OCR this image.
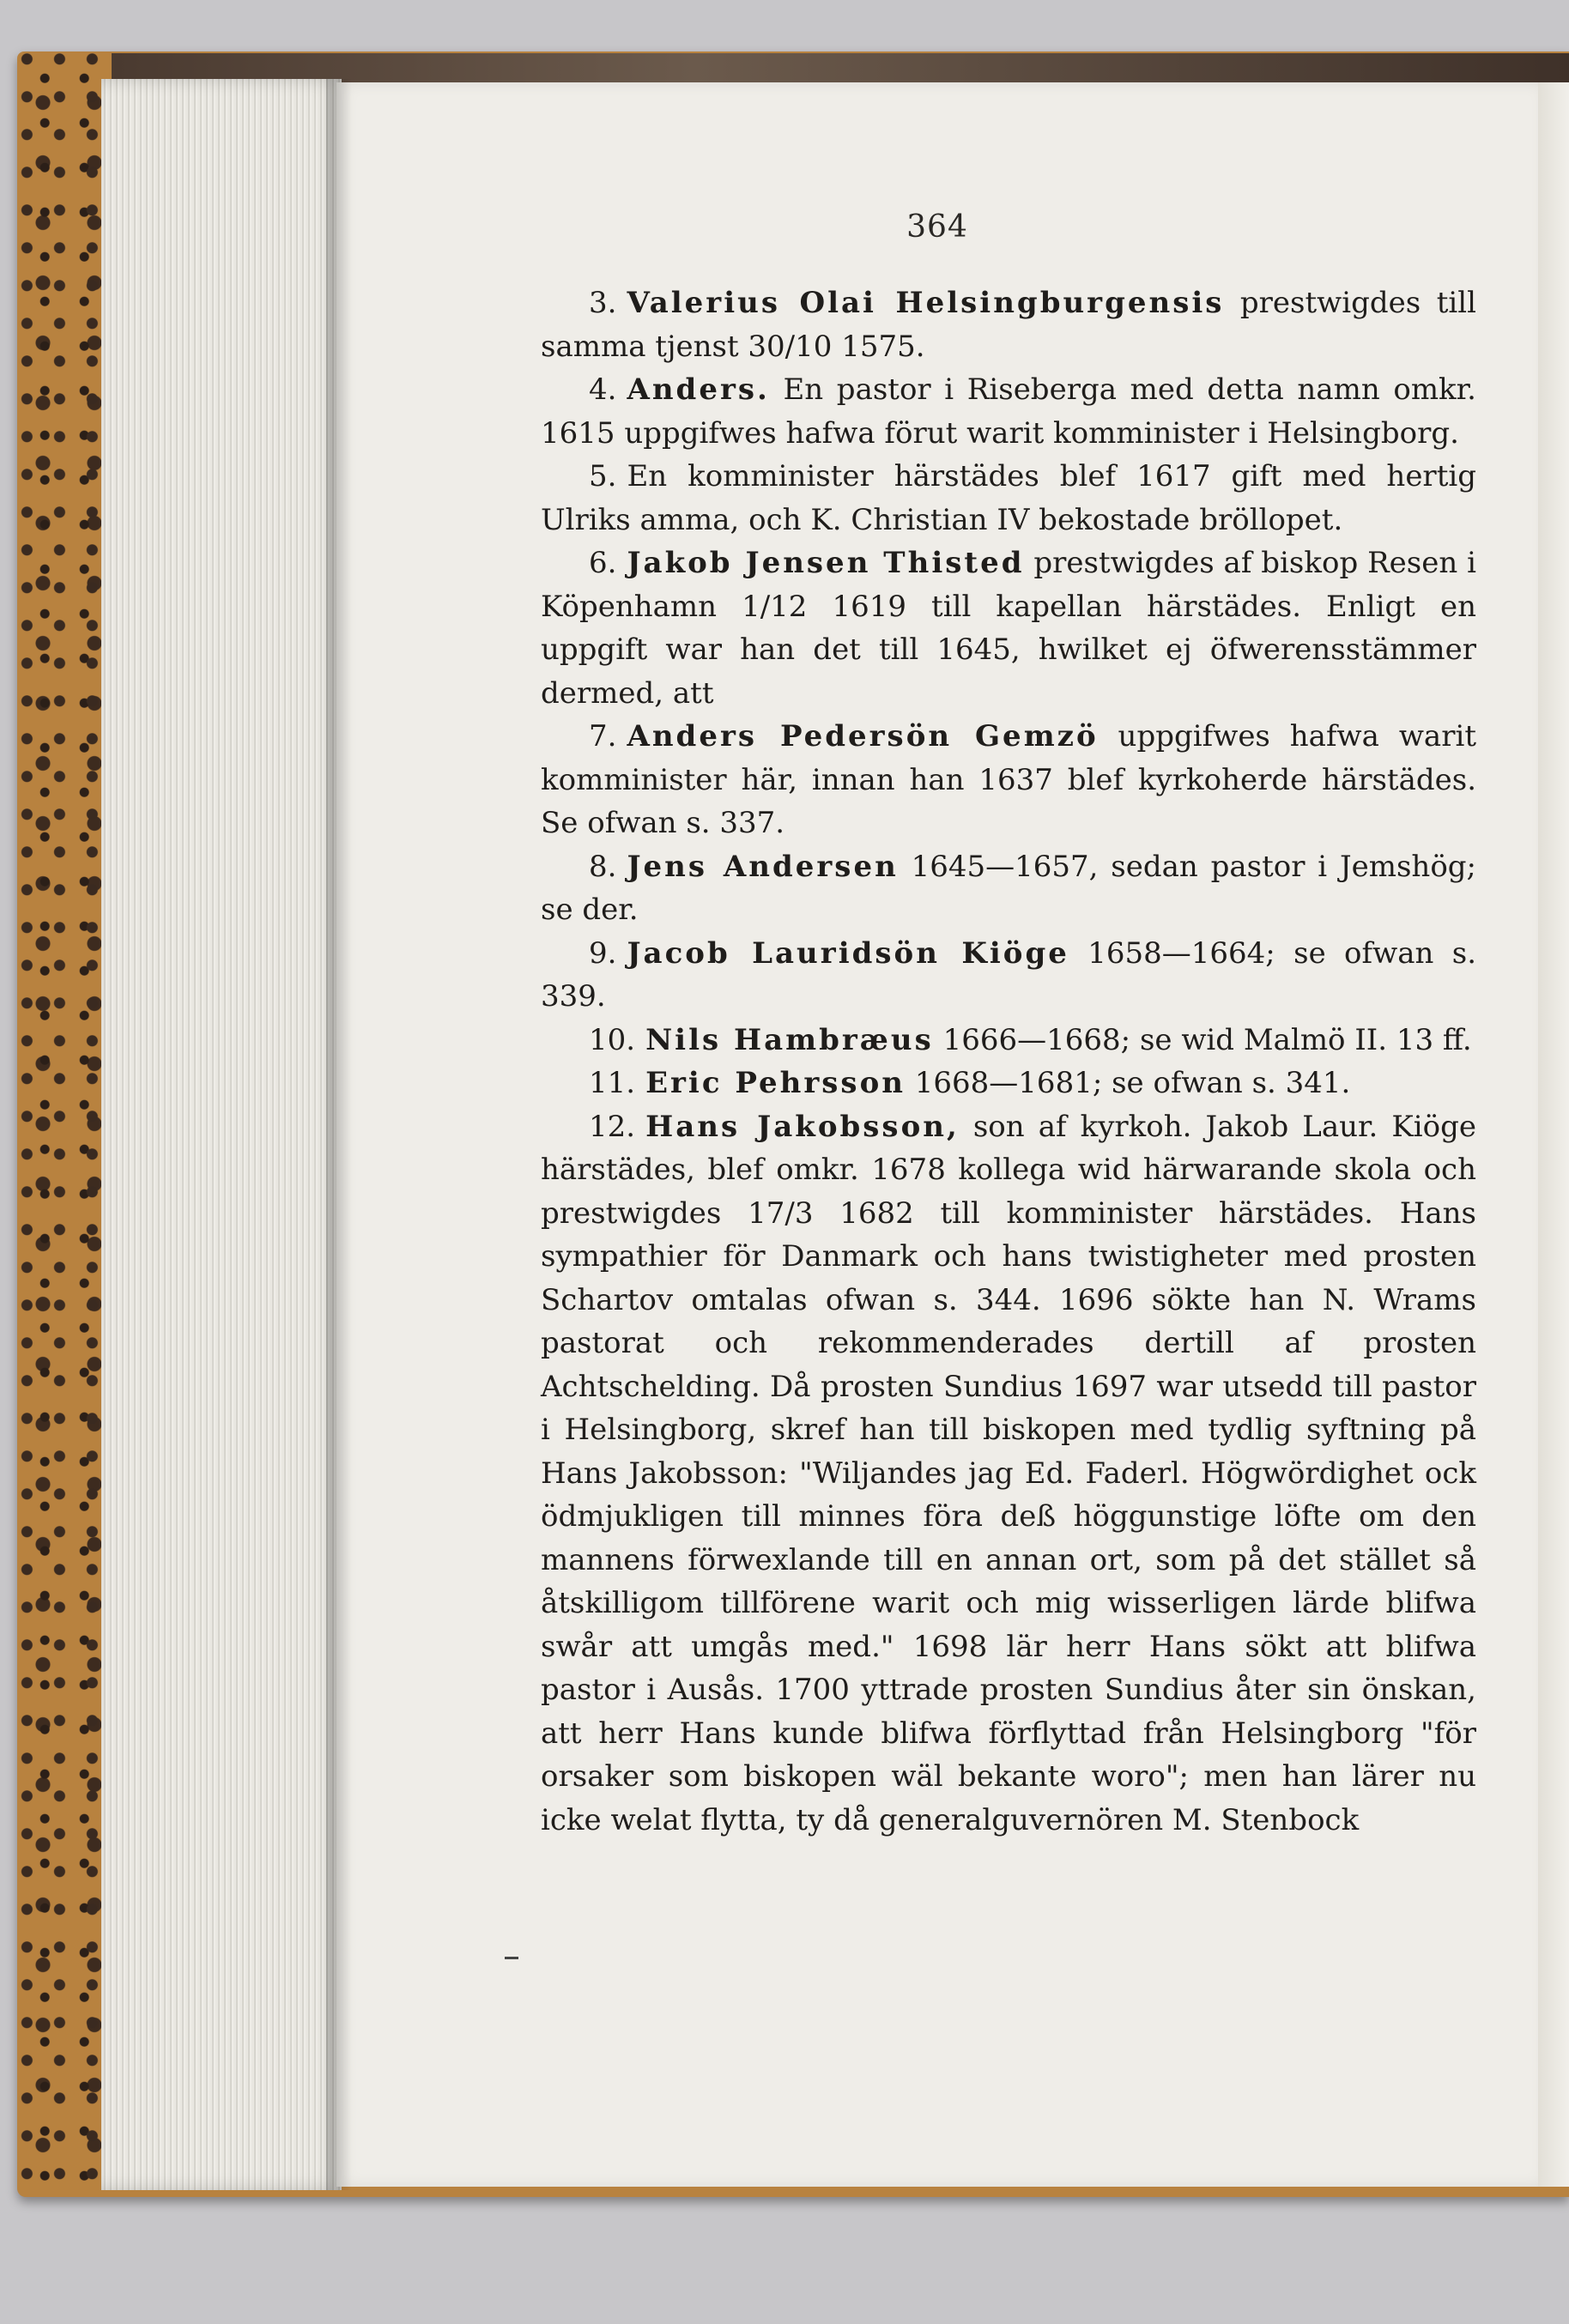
364

3. Valerius Olai Helsingburgensis prestwigdes till samma tjenst 30/10 1575.

4. Anders. En pastor i Riseberga med detta namn omkr. 1615 uppgifwes hafwa förut warit komminister i Helsingborg.

5. En komminister härstädes blef 1617 gift med hertig Ulriks amma, och K. Christian IV bekostade bröllopet.

6. Jakob Jensen Thisted prestwigdes af biskop Resen i Köpenhamn 1/12 1619 till kapellan härstädes. Enligt en uppgift war han det till 1645, hwilket ej öfwerensstämmer dermed, att

7. Anders Pedersön Gemzö uppgifwes hafwa warit komminister här, innan han 1637 blef kyrkoherde härstädes. Se ofwan s. 337.

8. Jens Andersen 1645—1657, sedan pastor i Jemshög; se der.

9. Jacob Lauridsön Kiöge 1658—1664; se ofwan s. 339.

10. Nils Hambræus 1666—1668; se wid Malmö II. 13 ff.

11. Eric Pehrsson 1668—1681; se ofwan s. 341.

12. Hans Jakobsson, son af kyrkoh. Jakob Laur. Kiöge härstädes, blef omkr. 1678 kollega wid härwarande skola och prestwigdes 17/3 1682 till komminister härstädes. Hans sympathier för Danmark och hans twistigheter med prosten Schartov omtalas ofwan s. 344. 1696 sökte han N. Wrams pastorat och rekommenderades dertill af prosten Achtschelding. Då prosten Sundius 1697 war utsedd till pastor i Helsingborg, skref han till biskopen med tydlig syftning på Hans Jakobsson: "Wiljandes jag Ed. Faderl. Högwördighet ock ödmjukligen till minnes föra deß höggunstige löfte om den mannens förwexlande till en annan ort, som på det stället så åtskilligom tillförene warit och mig wisserligen lärde blifwa swår att umgås med." 1698 lär herr Hans sökt att blifwa pastor i Ausås. 1700 yttrade prosten Sundius åter sin önskan, att herr Hans kunde blifwa förflyttad från Helsingborg "för orsaker som biskopen wäl bekante woro"; men han lärer nu icke welat flytta, ty då generalguvernören M. Stenbock
